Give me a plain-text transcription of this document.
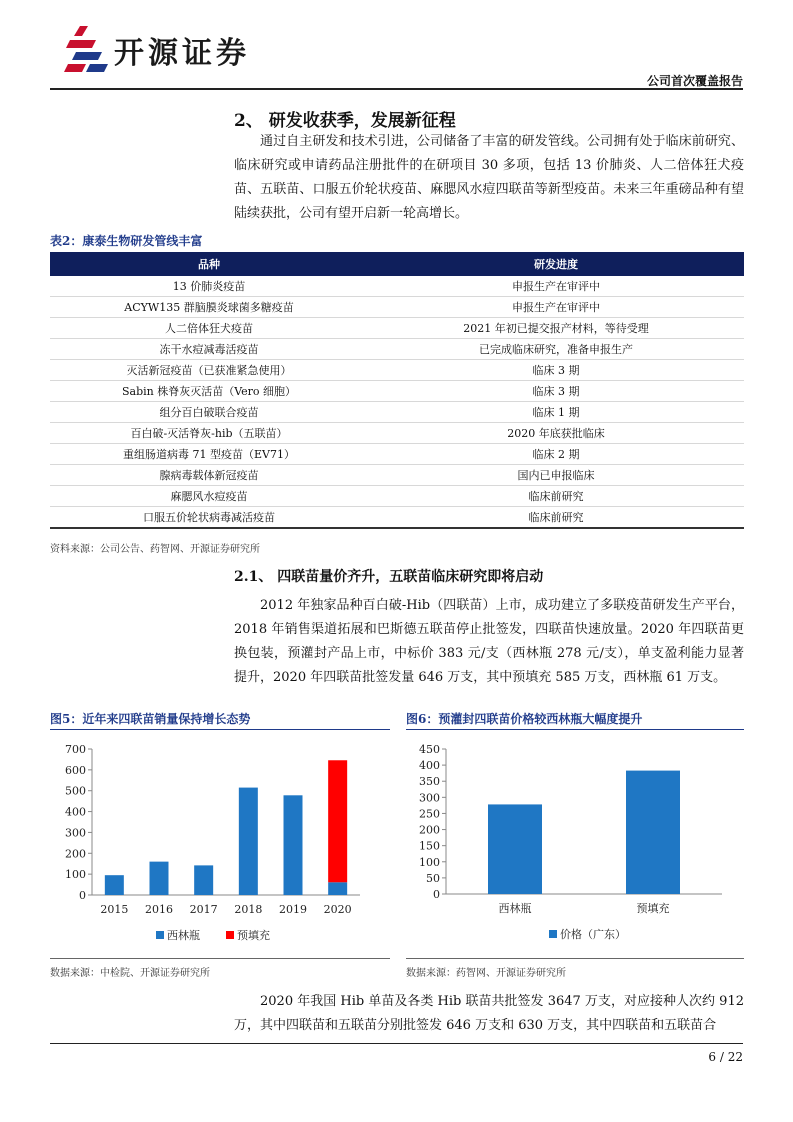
开源证券
公司首次覆盖报告
2、 研发收获季，发展新征程

通过自主研发和技术引进，公司储备了丰富的研发管线。公司拥有处于临床前研究、临床研究或申请药品注册批件的在研项目 30 多项，包括 13 价肺炎、人二倍体狂犬疫苗、五联苗、口服五价轮状疫苗、麻腮风水痘四联苗等新型疫苗。未来三年重磅品种有望陆续获批，公司有望开启新一轮高增长。

表2：康泰生物研发管线丰富
品种	研发进度
13 价肺炎疫苗	申报生产在审评中
ACYW135 群脑膜炎球菌多糖疫苗	申报生产在审评中
人二倍体狂犬疫苗	2021 年初已提交报产材料，等待受理
冻干水痘减毒活疫苗	已完成临床研究，准备申报生产
灭活新冠疫苗（已获准紧急使用）	临床 3 期
Sabin 株脊灰灭活苗（Vero 细胞）	临床 3 期
组分百白破联合疫苗	临床 1 期
百白破-灭活脊灰-hib（五联苗）	2020 年底获批临床
重组肠道病毒 71 型疫苗（EV71）	临床 2 期
腺病毒载体新冠疫苗	国内已申报临床
麻腮风水痘疫苗	临床前研究
口服五价轮状病毒减活疫苗	临床前研究
资料来源：公司公告、药智网、开源证券研究所
2.1、 四联苗量价齐升，五联苗临床研究即将启动

2012 年独家品种百白破-Hib（四联苗）上市，成功建立了多联疫苗研发生产平台，2018 年销售渠道拓展和巴斯德五联苗停止批签发，四联苗快速放量。2020 年四联苗更换包装，预灌封产品上市，中标价 383 元/支（西林瓶 278 元/支），单支盈利能力显著提升，2020 年四联苗批签发量 646 万支，其中预填充 585 万支，西林瓶 61 万支。

图5：近年来四联苗销量保持增长态势
0
100
200
300
400
500
600
700
2015 2016 2017 2018 2019 2020
西林瓶	预填充
数据来源：中检院、开源证券研究所
图6：预灌封四联苗价格较西林瓶大幅度提升
0
50
100
150
200
250
300
350
400
450
西林瓶	预填充
价格（广东）
数据来源：药智网、开源证券研究所

2020 年我国 Hib 单苗及各类 Hib 联苗共批签发 3647 万支，对应接种人次约 912 万，其中四联苗和五联苗分别批签发 646 万支和 630 万支，其中四联苗和五联苗合

6 / 22
